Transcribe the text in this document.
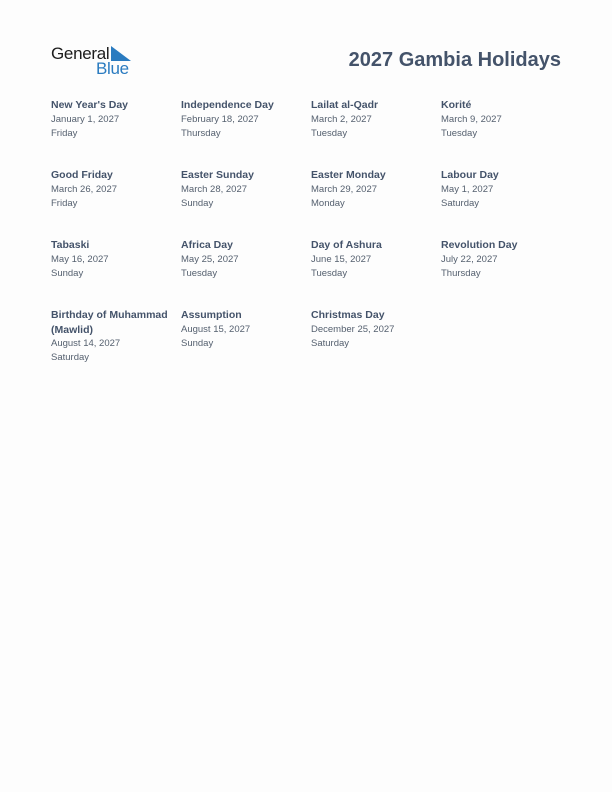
General
Blue	2027 Gambia Holidays
New Year's Day
January 1, 2027
Friday
Independence Day
February 18, 2027
Thursday
Lailat al-Qadr
March 2, 2027
Tuesday
Korité
March 9, 2027
Tuesday
Good Friday
March 26, 2027
Friday
Easter Sunday
March 28, 2027
Sunday
Easter Monday
March 29, 2027
Monday
Labour Day
May 1, 2027
Saturday
Tabaski
May 16, 2027
Sunday
Africa Day
May 25, 2027
Tuesday
Day of Ashura
June 15, 2027
Tuesday
Revolution Day
July 22, 2027
Thursday
Birthday of Muhammad (Mawlid)
August 14, 2027
Saturday
Assumption
August 15, 2027
Sunday
Christmas Day
December 25, 2027
Saturday
